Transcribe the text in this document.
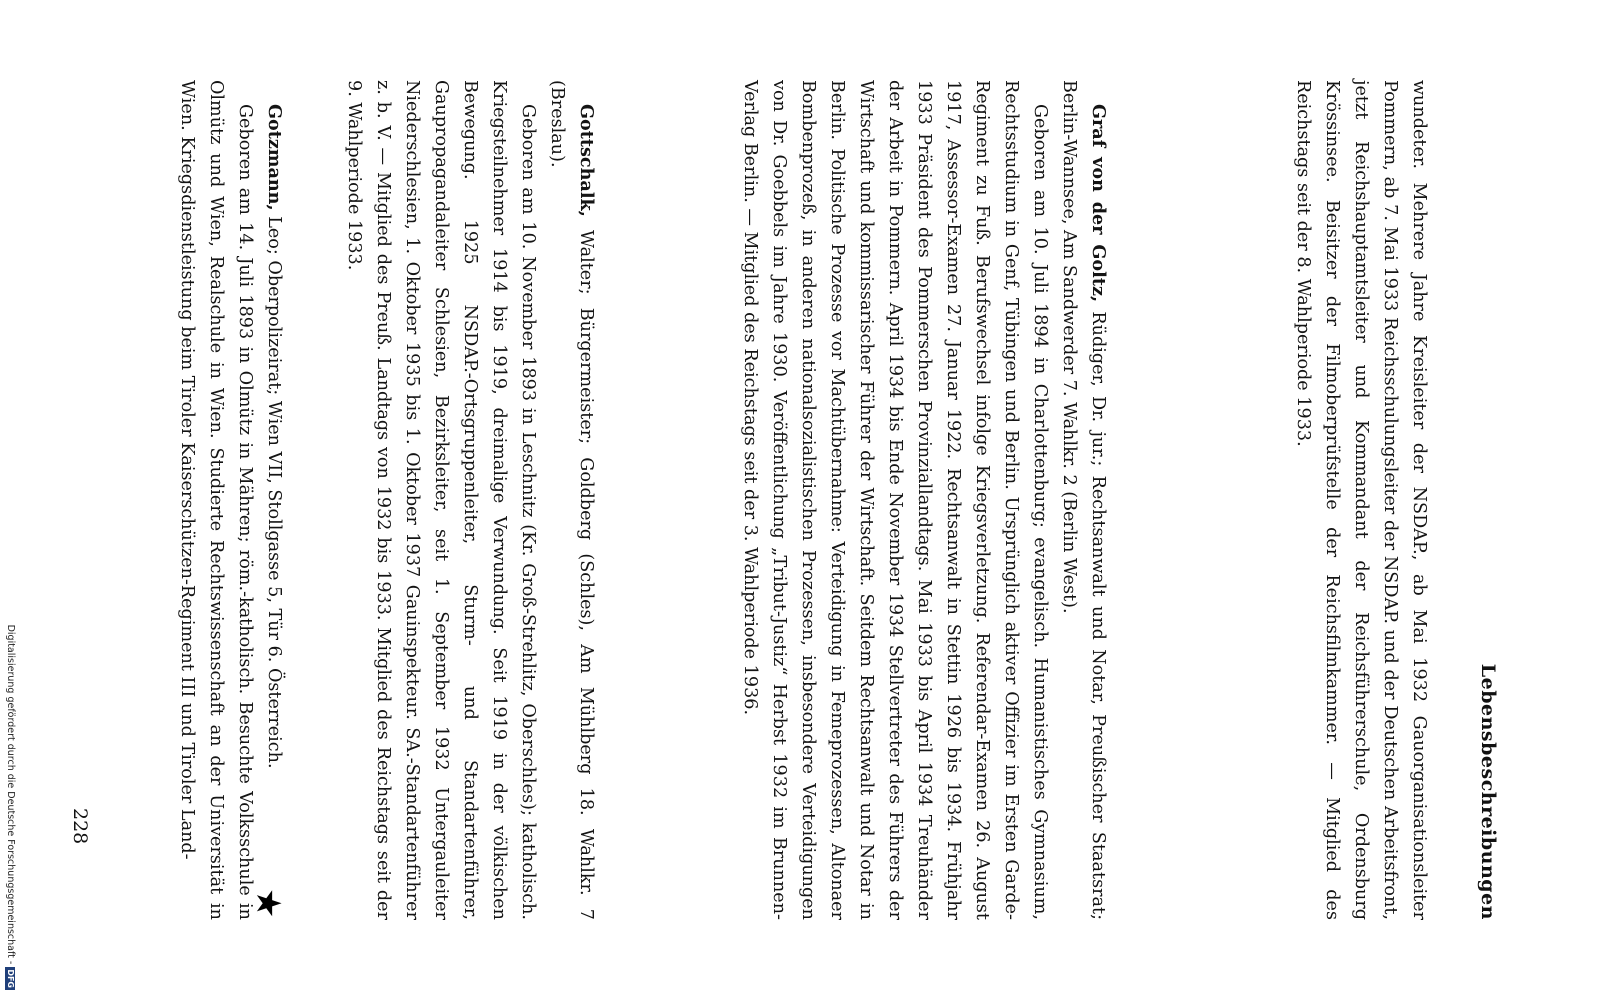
Lebensbeschreibungen

wundeter. Mehrere Jahre Kreisleiter der NSDAP., ab Mai 1932 Gauorganisationsleiter Pommern, ab 7. Mai 1933 Reichsschulungsleiter der NSDAP. und der Deutschen Arbeitsfront, jetzt Reichshauptamtsleiter und Kommandant der Reichsführerschule, Ordensburg Krössinsee. Beisitzer der Filmoberprüfstelle der Reichsfilmkammer. — Mitglied des Reichstags seit der 8. Wahlperiode 1933.

Graf von der Goltz, Rüdiger, Dr. jur.; Rechtsanwalt und Notar, Preußischer Staatsrat; Berlin-Wannsee, Am Sandwerder 7. Wahlkr. 2 (Berlin West).

Geboren am 10. Juli 1894 in Charlottenburg; evangelisch. Humanistisches Gymnasium, Rechtsstudium in Genf, Tübingen und Berlin. Ursprünglich aktiver Offizier im Ersten Garde-Regiment zu Fuß. Berufswechsel infolge Kriegsverletzung. Referendar-Examen 26. August 1917, Assessor-Examen 27. Januar 1922. Rechtsanwalt in Stettin 1926 bis 1934. Frühjahr 1933 Präsident des Pommerschen Provinziallandtags. Mai 1933 bis April 1934 Treuhänder der Arbeit in Pommern. April 1934 bis Ende November 1934 Stellvertreter des Führers der Wirtschaft und kommissarischer Führer der Wirtschaft. Seitdem Rechtsanwalt und Notar in Berlin. Politische Prozesse vor Machtübernahme: Verteidigung in Femeprozessen, Altonaer Bombenprozeß, in anderen nationalsozialistischen Prozessen, insbesondere Verteidigungen von Dr. Goebbels im Jahre 1930. Veröffentlichung „Tribut-Justiz“ Herbst 1932 im Brunnen-Verlag Berlin. — Mitglied des Reichstags seit der 3. Wahlperiode 1936.

Gottschalk, Walter; Bürgermeister; Goldberg (Schles), Am Mühlberg 18. Wahlkr. 7 (Breslau).

Geboren am 10. November 1893 in Leschnitz (Kr. Groß-Strehlitz, Oberschles); katholisch. Kriegsteilnehmer 1914 bis 1919, dreimalige Verwundung. Seit 1919 in der völkischen Bewegung. 1925 NSDAP.-Ortsgruppenleiter, Sturm- und Standartenführer, Gaupropagandaleiter Schlesien, Bezirksleiter, seit 1. September 1932 Untergauleiter Niederschlesien, 1. Oktober 1935 bis 1. Oktober 1937 Gauinspekteur. SA.-Standartenführer z. b. V. — Mitglied des Preuß. Landtags von 1932 bis 1933. Mitglied des Reichstags seit der 9. Wahlperiode 1933.

Gotzmann, Leo; Oberpolizeirat; Wien VII, Stollgasse 5, Tür 6. Österreich.

Geboren am 14. Juli 1893 in Olmütz in Mähren; röm.-katholisch. Besuchte Volksschule in Olmütz und Wien, Realschule in Wien. Studierte Rechtswissenschaft an der Universität in Wien. Kriegsdienstleistung beim Tiroler Kaiserschützen-Regiment III und Tiroler Land-

★
228
Digitalisierung gefördert durch die Deutsche Forschungsgemeinschaft -DFG
